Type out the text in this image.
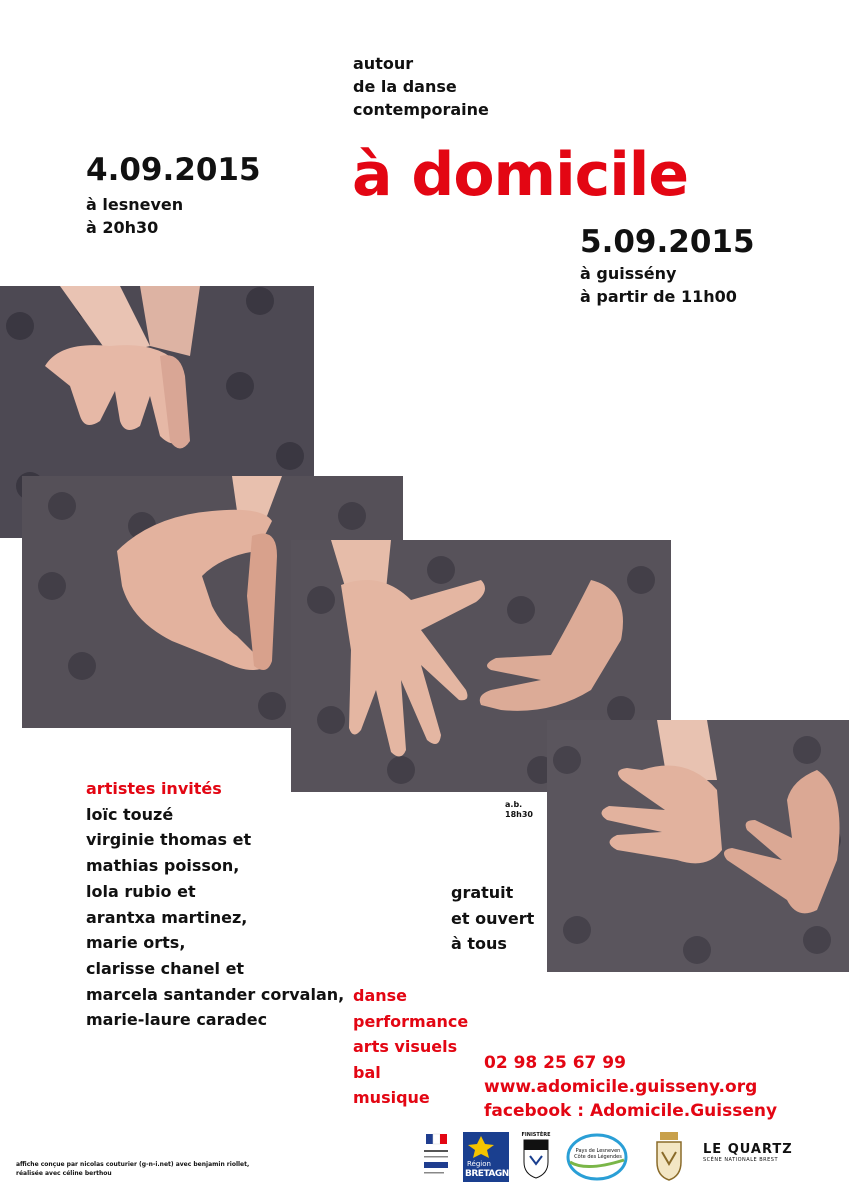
autour
de la danse
contemporaine
à domicile
4.09.2015
à lesneven
à 20h30	5.09.2015
à guissény
à partir de 11h00
a.b.
18h30
artistes invités
loïc touzé
virginie thomas et
mathias poisson,
lola rubio et
arantxa martinez,
marie orts,
clarisse chanel et
marcela santander corvalan,
marie-laure caradec
gratuit
et ouvert
à tous
danse
performance
arts visuels
bal
musique
02 98 25 67 99
www.adomicile.guisseny.org
facebook : Adomicile.Guisseny
affiche conçue par nicolas couturier (g-n-i.net) avec benjamin riollet,
réalisée avec céline berthou
Région
BRETAGNE
FINISTÈRE
Pays de Lesneven Côte des Légendes	LE QUARTZ
SCÈNE NATIONALE BREST
